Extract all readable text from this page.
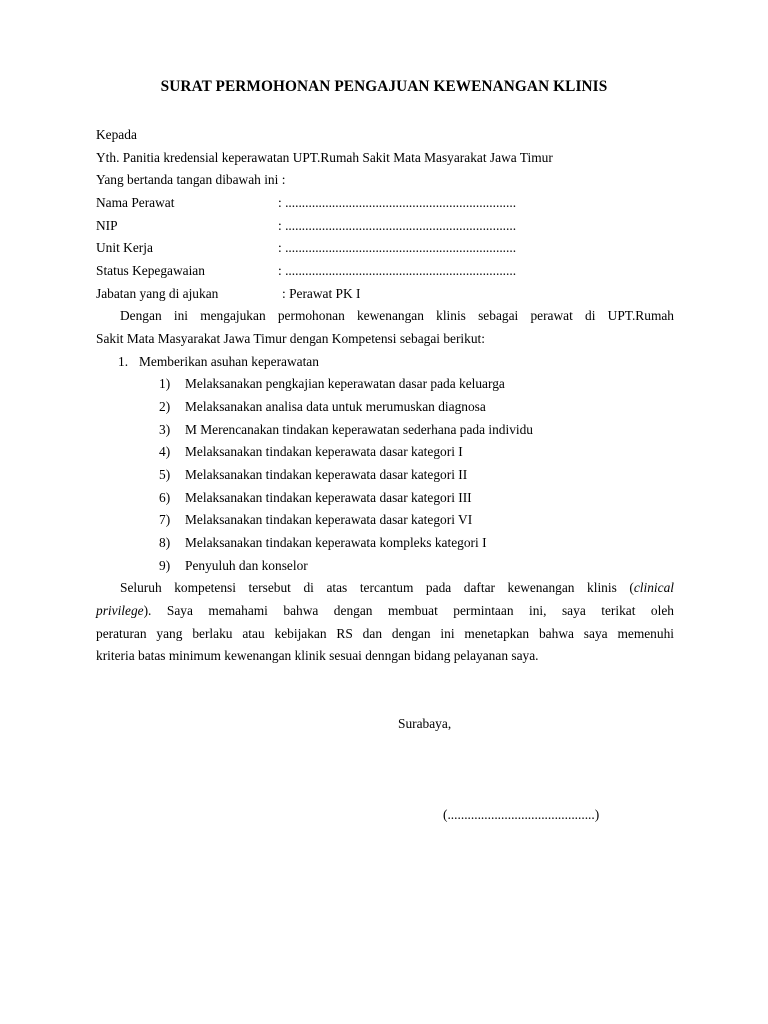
SURAT PERMOHONAN PENGAJUAN KEWENANGAN KLINIS
Kepada
Yth. Panitia kredensial keperawatan UPT.Rumah Sakit Mata Masyarakat Jawa Timur
Yang bertanda tangan dibawah ini :
Nama Perawat	: .....................................................................
NIP	: .....................................................................
Unit Kerja	: .....................................................................
Status Kepegawaian	: .....................................................................
Jabatan yang di ajukan	: Perawat PK I
Dengan ini mengajukan permohonan kewenangan klinis sebagai perawat di UPT.Rumah
Sakit Mata Masyarakat Jawa Timur dengan Kompetensi sebagai berikut:
1. Memberikan asuhan keperawatan
1) Melaksanakan pengkajian keperawatan dasar pada keluarga
2) Melaksanakan analisa data untuk merumuskan diagnosa
3) M Merencanakan tindakan keperawatan sederhana pada individu
4) Melaksanakan tindakan keperawata dasar kategori I
5) Melaksanakan tindakan keperawata dasar kategori II
6) Melaksanakan tindakan keperawata dasar kategori III
7) Melaksanakan tindakan keperawata dasar kategori VI
8) Melaksanakan tindakan keperawata kompleks kategori I
9) Penyuluh dan konselor
Seluruh kompetensi tersebut di atas tercantum pada daftar kewenangan klinis (clinical
privilege). Saya memahami bahwa dengan membuat permintaan ini, saya terikat oleh
peraturan yang berlaku atau kebijakan RS dan dengan ini menetapkan bahwa saya memenuhi
kriteria batas minimum kewenangan klinik sesuai denngan bidang pelayanan saya.
Surabaya,
(............................................)
